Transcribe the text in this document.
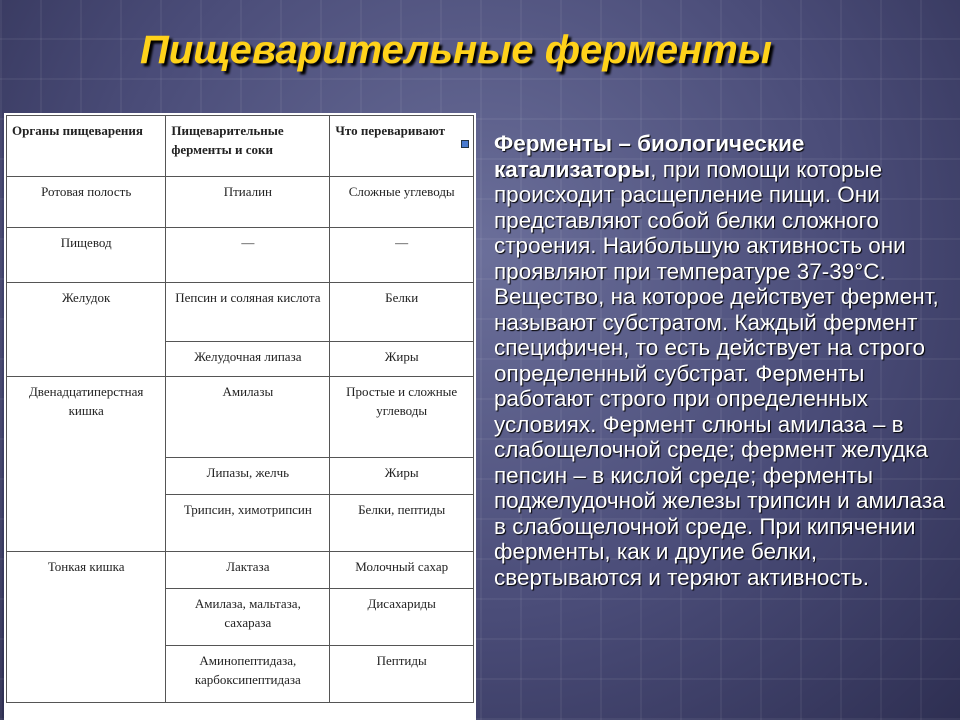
Пищеварительные ферменты
Органы пищеварения	Пищеварительные ферменты и соки	Что переваривают
Ротовая полость	Птиалин	Сложные углеводы
Пищевод	—	—
Желудок	Пепсин и соляная кислота	Белки
	Желудочная липаза	Жиры
Двенадцатиперстная кишка	Амилазы	Простые и сложные углеводы
	Липазы, желчь	Жиры
	Трипсин, химотрипсин	Белки, пептиды
Тонкая кишка	Лактаза	Молочный сахар
	Амилаза, мальтаза, сахараза	Дисахариды
	Аминопептидаза, карбоксипептидаза	Пептиды
Ферменты – биологические катализаторы, при помощи которые происходит расщепление пищи. Они представляют собой белки сложного строения. Наибольшую активность они проявляют при температуре 37-39°С. Вещество, на которое действует фермент, называют субстратом. Каждый фермент специфичен, то есть действует на строго определенный субстрат. Ферменты работают строго при определенных условиях. Фермент слюны амилаза – в слабощелочной среде; фермент желудка пепсин – в кислой среде; ферменты поджелудочной железы трипсин и амилаза в слабощелочной среде. При кипячении ферменты, как и другие белки, свертываются и теряют активность.
